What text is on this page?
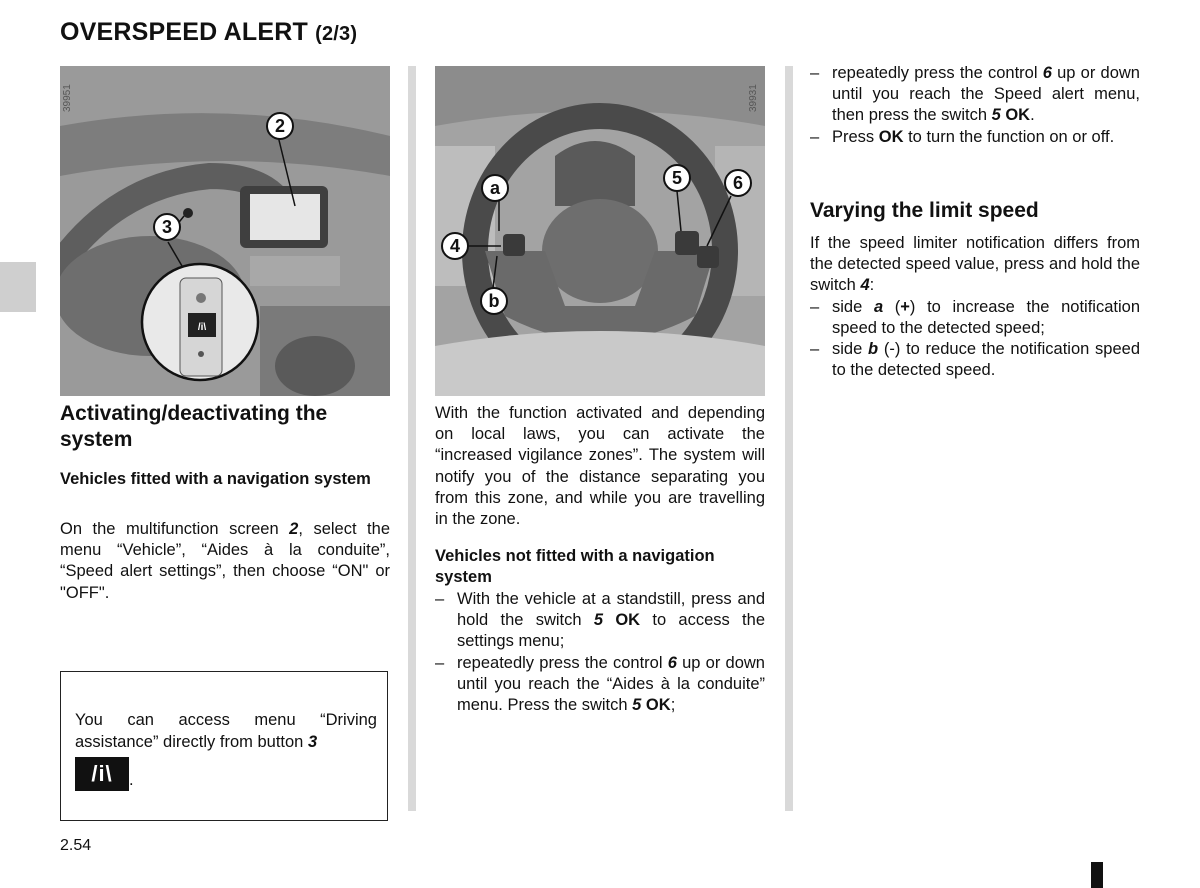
OVERSPEED ALERT (2/3)
/i\
2
3
39951
a
4
b
5	6
39931
Activating/deactivating the system
Vehicles fitted with a navigation system
On the multifunction screen 2, select the menu “Vehicle”, “Aides à la conduite”, “Speed alert settings”, then choose “ON" or "OFF".
You can access menu “Driving assistance” directly from button 3
/i\ .
With the function activated and depending on local laws, you can activate the “increased vigilance zones”. The system will notify you of the distance separating you from this zone, and while you are travelling in the zone.
Vehicles not fitted with a navigation system
– With the vehicle at a standstill, press and hold the switch 5 OK to access the settings menu;
– repeatedly press the control 6 up or down until you reach the “Aides à la conduite” menu. Press the switch 5 OK;
– repeatedly press the control 6 up or down until you reach the Speed alert menu, then press the switch 5 OK.
– Press OK to turn the function on or off.
Varying the limit speed
If the speed limiter notification differs from the detected speed value, press and hold the switch 4:
– side a (+) to increase the notification speed to the detected speed;
– side b (-) to reduce the notification speed to the detected speed.
2.54
